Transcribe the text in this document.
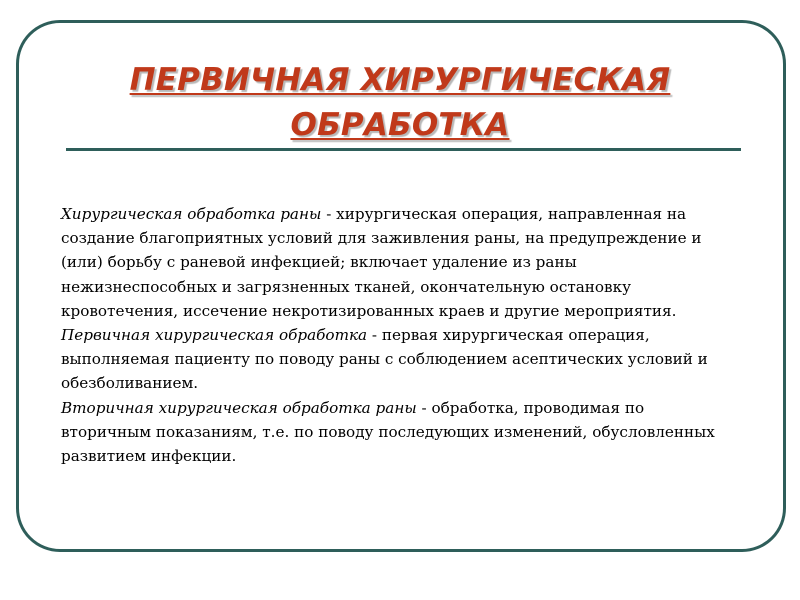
ПЕРВИЧНАЯ ХИРУРГИЧЕСКАЯ
ОБРАБОТКА

Хирургическая обработка раны - хирургическая операция, направленная на создание благоприятных условий для заживления раны, на предупреждение и (или) борьбу с раневой инфекцией; включает удаление из раны нежизнеспособных и загрязненных тканей, окончательную остановку кровотечения, иссечение некротизированных краев и другие мероприятия.

Первичная хирургическая обработка - первая хирургическая операция, выполняемая пациенту по поводу раны с соблюдением асептических условий и обезболиванием.

Вторичная хирургическая обработка раны - обработка, проводимая по вторичным показаниям, т.е. по поводу последующих изменений, обусловленных развитием инфекции.
